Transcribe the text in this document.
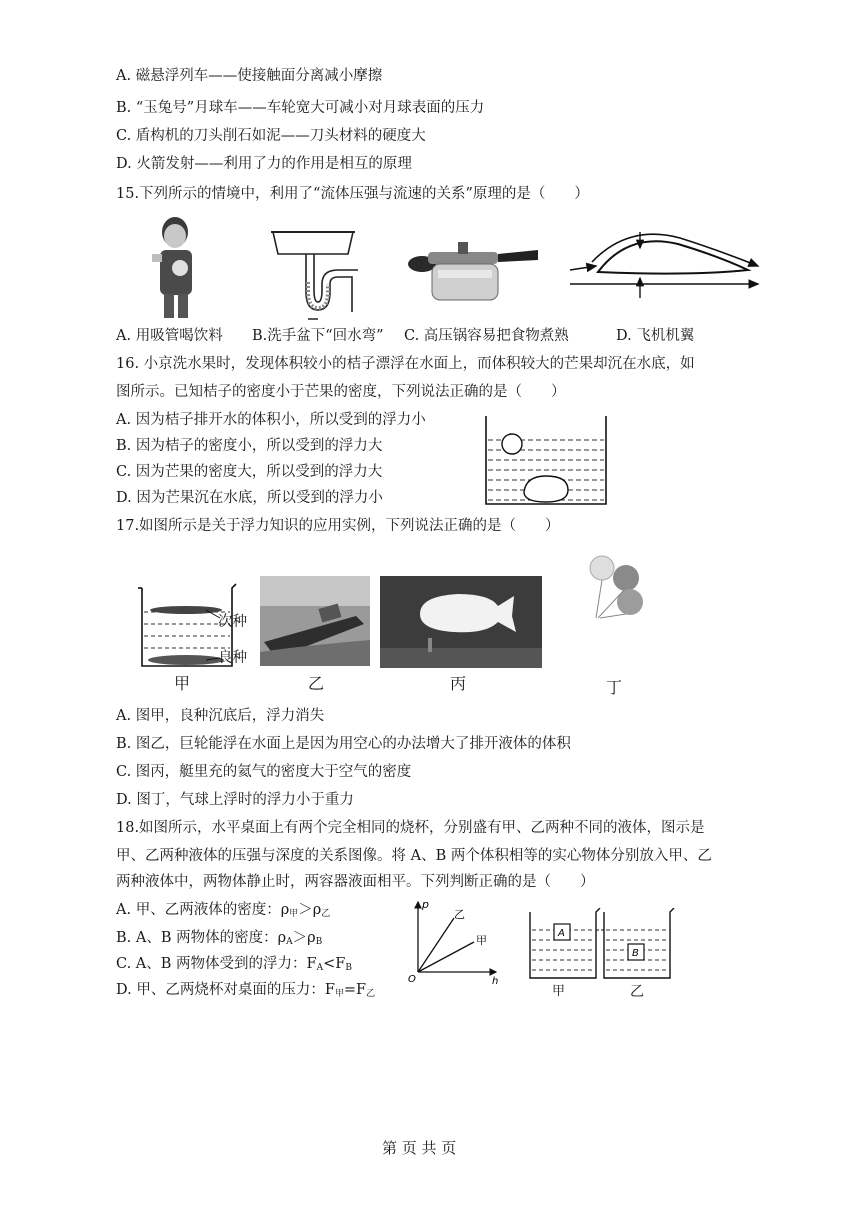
A. 磁悬浮列车——使接触面分离减小摩擦
B. “玉兔号”月球车——车轮宽大可减小对月球表面的压力
C. 盾构机的刀头削石如泥——刀头材料的硬度大
D. 火箭发射——利用了力的作用是相互的原理
15.下列所示的情境中，利用了“流体压强与流速的关系”原理的是（　　）
A. 用吸管喝饮料 B.洗手盆下“回水弯” C. 高压锅容易把食物煮熟	D. 飞机机翼
16. 小京洗水果时，发现体积较小的桔子漂浮在水面上，而体积较大的芒果却沉在水底，如
图所示。已知桔子的密度小于芒果的密度，下列说法正确的是（　　）
A. 因为桔子排开水的体积小，所以受到的浮力小
B. 因为桔子的密度小，所以受到的浮力大
C. 因为芒果的密度大，所以受到的浮力大
D. 因为芒果沉在水底，所以受到的浮力小
17.如图所示是关于浮力知识的应用实例，下列说法正确的是（　　）
次种
良种
甲	乙	丙	丁
A. 图甲，良种沉底后，浮力消失
B. 图乙，巨轮能浮在水面上是因为用空心的办法增大了排开液体的体积
C. 图丙，艇里充的氦气的密度大于空气的密度
D. 图丁，气球上浮时的浮力小于重力
18.如图所示，水平桌面上有两个完全相同的烧杯，分别盛有甲、乙两种不同的液体，图示是
甲、乙两种液体的压强与深度的关系图像。将 A、B 两个体积相等的实心物体分别放入甲、乙
两种液体中，两物体静止时，两容器液面相平。下列判断正确的是（　　）
A. 甲、乙两液体的密度：$\rho_甲>\rho_乙$
B. A、B 两物体的密度：$\rho_A>\rho_B$
C. A、B 两物体受到的浮力：$F_A<F_B$
D. 甲、乙两烧杯对桌面的压力：$F_甲=F_乙$
p
O	h
乙
甲
A
B
甲	乙
第 页 共 页
